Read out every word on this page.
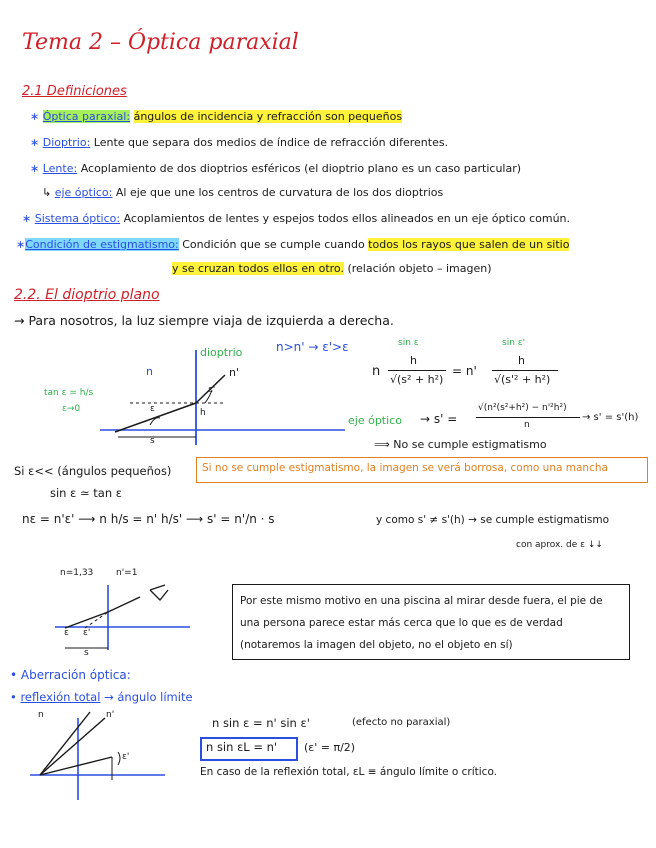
Tema 2 – Óptica paraxial
2.1 Definiciones
∗ Óptica paraxial: ángulos de incidencia y refracción son pequeños
∗ Dioptrio: Lente que separa dos medios de índice de refracción diferentes.
∗ Lente: Acoplamiento de dos dioptrios esféricos (el dioptrio plano es un caso particular)
↳ eje óptico: Al eje que une los centros de curvatura de los dos dioptrios
∗ Sistema óptico: Acoplamientos de lentes y espejos todos ellos alineados en un eje óptico común.
∗Condición de estigmatismo: Condición que se cumple cuando todos los rayos que salen de un sitio
y se cruzan todos ellos en otro. (relación objeto – imagen)
2.2. El dioptrio plano
→ Para nosotros, la luz siempre viaja de izquierda a derecha.
dioptrio
n	n'
ε
ε'
h
s
tan ε = h/s
ε→0
n>n' → ε'>ε	sin ε	sin ε'
n
h
√(s² + h²)
= n'
h
√(s'² + h²)
eje óptico → s' =
√(n²(s²+h²) − n'²h²)
n
→ s' = s'(h)
⟹ No se cumple estigmatismo
Si ε<< (ángulos pequeños)
sin ε ≃ tan ε
Si no se cumple estigmatismo, la imagen se verá borrosa, como una mancha
nε = n'ε' ⟶ n h/s = n' h/s' ⟶ s' = n'/n · s	y como s' ≠ s'(h) → se cumple estigmatismo
con aprox. de ε ↓↓
n=1,33	n'=1
ε ε'
s
Por este mismo motivo en una piscina al mirar desde fuera, el pie de una persona parece estar más cerca que lo que es de verdad (notaremos la imagen del objeto, no el objeto en sí)
• Aberración óptica:
• reflexión total → ángulo límite
n	n'
ε'
n sin ε = n' sin ε'	(efecto no paraxial)
n sin εL = n' (ε' = π/2)
En caso de la reflexión total, εL ≡ ángulo límite o crítico.
